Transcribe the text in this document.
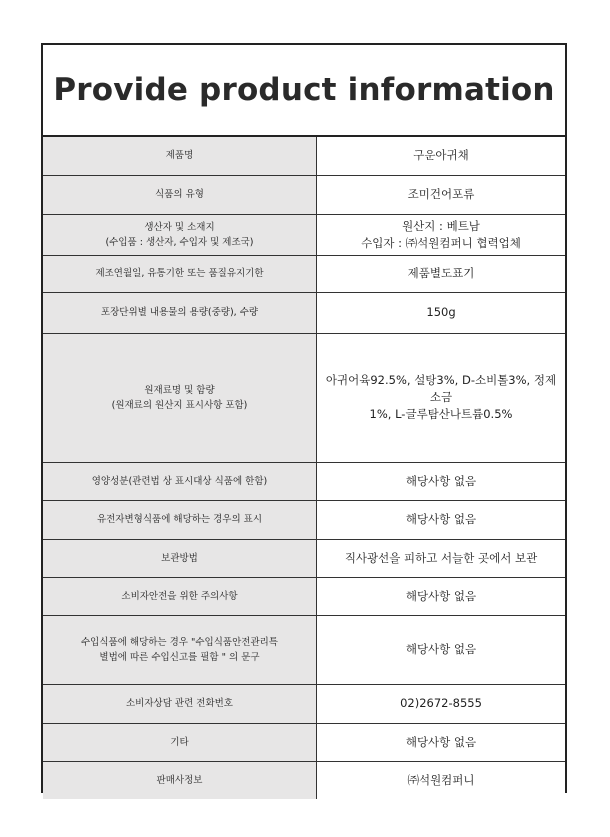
Provide product information
제품명	구운아귀채

식품의 유형	조미건어포류

생산자 및 소재지
(수입품 : 생산자, 수입자 및 제조국)	원산지 : 베트남
수입자 : ㈜석원컴퍼니 협력업체

제조연월일, 유통기한 또는 품질유지기한	제품별도표기

포장단위별 내용물의 용량(중량), 수량	150g

원재료명 및 함량
(원재료의 원산지 표시사항 포함)	아귀어육92.5%, 설탕3%, D-소비톨3%, 정제소금
1%, L-글루탐산나트륨0.5%

영양성분(관련법 상 표시대상 식품에 한함)	해당사항 없음

유전자변형식품에 해당하는 경우의 표시	해당사항 없음

보관방법	직사광선을 피하고 서늘한 곳에서 보관

소비자안전을 위한 주의사항	해당사항 없음

수입식품에 해당하는 경우 "수입식품안전관리특
별법에 따른 수입신고를 필함 " 의 문구	해당사항 없음

소비자상담 관련 전화번호	02)2672-8555

기타	해당사항 없음

판매사정보	㈜석원컴퍼니
